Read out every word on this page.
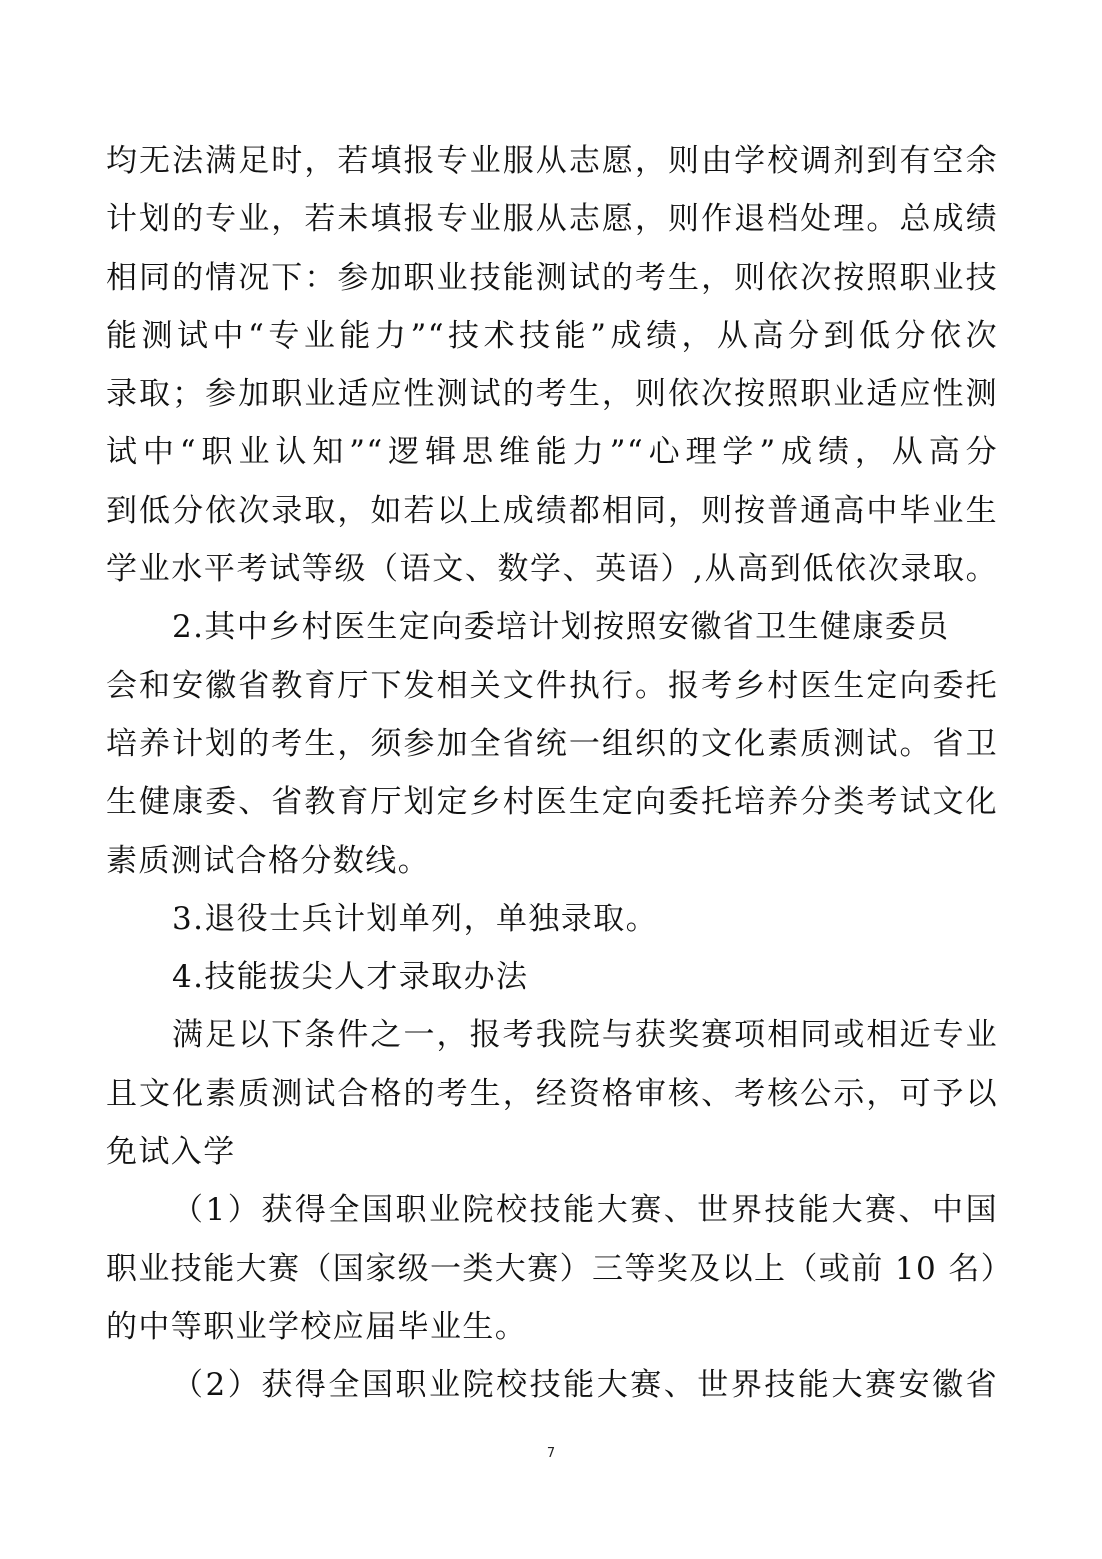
均无法满足时，若填报专业服从志愿，则由学校调剂到有空余
计划的专业，若未填报专业服从志愿，则作退档处理。总成绩
相同的情况下：参加职业技能测试的考生，则依次按照职业技
能测试中“专业能力”“技术技能”成绩，从高分到低分依次
录取；参加职业适应性测试的考生，则依次按照职业适应性测
试中“职业认知”“逻辑思维能力”“心理学”成绩，从高分
到低分依次录取，如若以上成绩都相同，则按普通高中毕业生
学业水平考试等级（语文、数学、英语）,从高到低依次录取。
2.其中乡村医生定向委培计划按照安徽省卫生健康委员
会和安徽省教育厅下发相关文件执行。报考乡村医生定向委托
培养计划的考生，须参加全省统一组织的文化素质测试。省卫
生健康委、省教育厅划定乡村医生定向委托培养分类考试文化
素质测试合格分数线。
3.退役士兵计划单列，单独录取。
4.技能拔尖人才录取办法
满足以下条件之一，报考我院与获奖赛项相同或相近专业
且文化素质测试合格的考生，经资格审核、考核公示，可予以
免试入学
（1）获得全国职业院校技能大赛、世界技能大赛、中国
职业技能大赛（国家级一类大赛）三等奖及以上（或前 10 名）
的中等职业学校应届毕业生。
（2）获得全国职业院校技能大赛、世界技能大赛安徽省
7
